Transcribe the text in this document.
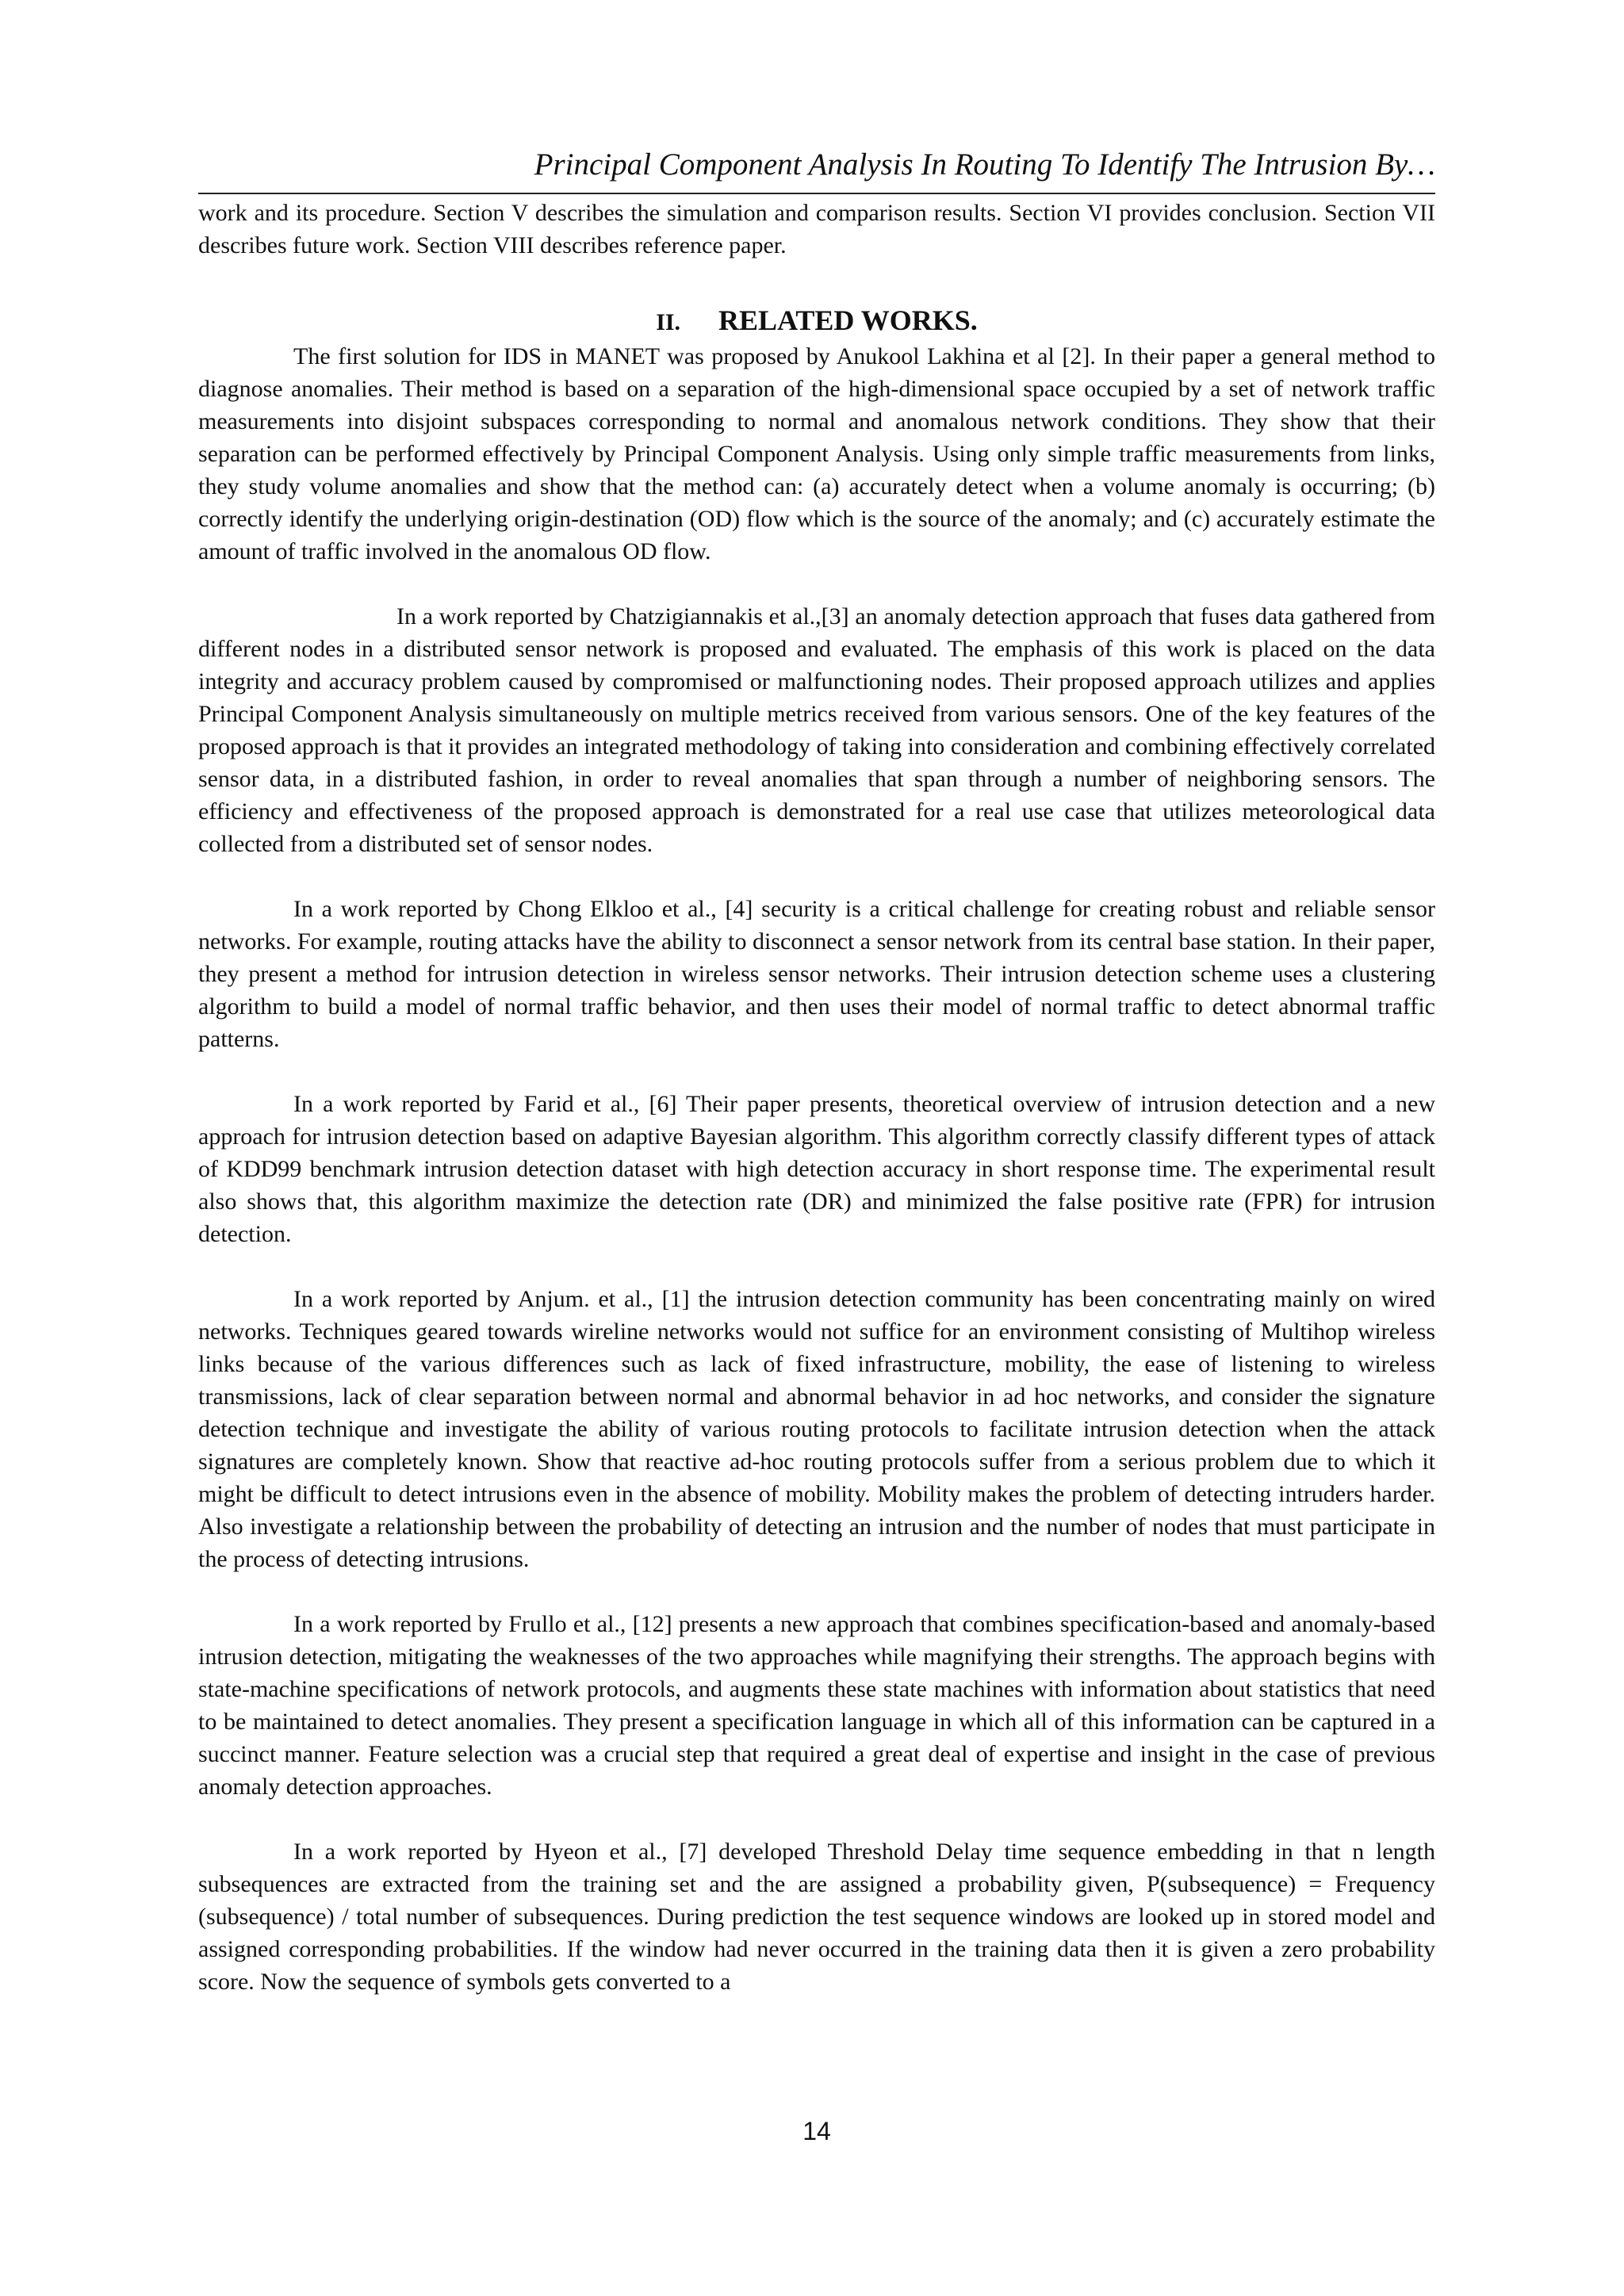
Principal Component Analysis In Routing To Identify The Intrusion By…

work and its procedure. Section V describes the simulation and comparison results. Section VI provides conclusion. Section VII describes future work. Section VIII describes reference paper.

II. RELATED WORKS.

The first solution for IDS in MANET was proposed by Anukool Lakhina et al [2]. In their paper a general method to diagnose anomalies. Their method is based on a separation of the high-dimensional space occupied by a set of network traffic measurements into disjoint subspaces corresponding to normal and anomalous network conditions. They show that their separation can be performed effectively by Principal Component Analysis. Using only simple traffic measurements from links, they study volume anomalies and show that the method can: (a) accurately detect when a volume anomaly is occurring; (b) correctly identify the underlying origin-destination (OD) flow which is the source of the anomaly; and (c) accurately estimate the amount of traffic involved in the anomalous OD flow.

In a work reported by Chatzigiannakis et al.,[3] an anomaly detection approach that fuses data gathered from different nodes in a distributed sensor network is proposed and evaluated. The emphasis of this work is placed on the data integrity and accuracy problem caused by compromised or malfunctioning nodes. Their proposed approach utilizes and applies Principal Component Analysis simultaneously on multiple metrics received from various sensors. One of the key features of the proposed approach is that it provides an integrated methodology of taking into consideration and combining effectively correlated sensor data, in a distributed fashion, in order to reveal anomalies that span through a number of neighboring sensors. The efficiency and effectiveness of the proposed approach is demonstrated for a real use case that utilizes meteorological data collected from a distributed set of sensor nodes.

In a work reported by Chong Elkloo et al., [4] security is a critical challenge for creating robust and reliable sensor networks. For example, routing attacks have the ability to disconnect a sensor network from its central base station. In their paper, they present a method for intrusion detection in wireless sensor networks. Their intrusion detection scheme uses a clustering algorithm to build a model of normal traffic behavior, and then uses their model of normal traffic to detect abnormal traffic patterns.

In a work reported by Farid et al., [6] Their paper presents, theoretical overview of intrusion detection and a new approach for intrusion detection based on adaptive Bayesian algorithm. This algorithm correctly classify different types of attack of KDD99 benchmark intrusion detection dataset with high detection accuracy in short response time. The experimental result also shows that, this algorithm maximize the detection rate (DR) and minimized the false positive rate (FPR) for intrusion detection.

In a work reported by Anjum. et al., [1] the intrusion detection community has been concentrating mainly on wired networks. Techniques geared towards wireline networks would not suffice for an environment consisting of Multihop wireless links because of the various differences such as lack of fixed infrastructure, mobility, the ease of listening to wireless transmissions, lack of clear separation between normal and abnormal behavior in ad hoc networks, and consider the signature detection technique and investigate the ability of various routing protocols to facilitate intrusion detection when the attack signatures are completely known. Show that reactive ad-hoc routing protocols suffer from a serious problem due to which it might be difficult to detect intrusions even in the absence of mobility. Mobility makes the problem of detecting intruders harder. Also investigate a relationship between the probability of detecting an intrusion and the number of nodes that must participate in the process of detecting intrusions.

In a work reported by Frullo et al., [12] presents a new approach that combines specification-based and anomaly-based intrusion detection, mitigating the weaknesses of the two approaches while magnifying their strengths. The approach begins with state-machine specifications of network protocols, and augments these state machines with information about statistics that need to be maintained to detect anomalies. They present a specification language in which all of this information can be captured in a succinct manner. Feature selection was a crucial step that required a great deal of expertise and insight in the case of previous anomaly detection approaches.

In a work reported by Hyeon et al., [7] developed Threshold Delay time sequence embedding in that n length subsequences are extracted from the training set and the are assigned a probability given, P(subsequence) = Frequency (subsequence) / total number of subsequences. During prediction the test sequence windows are looked up in stored model and assigned corresponding probabilities. If the window had never occurred in the training data then it is given a zero probability score. Now the sequence of symbols gets converted to a

14
